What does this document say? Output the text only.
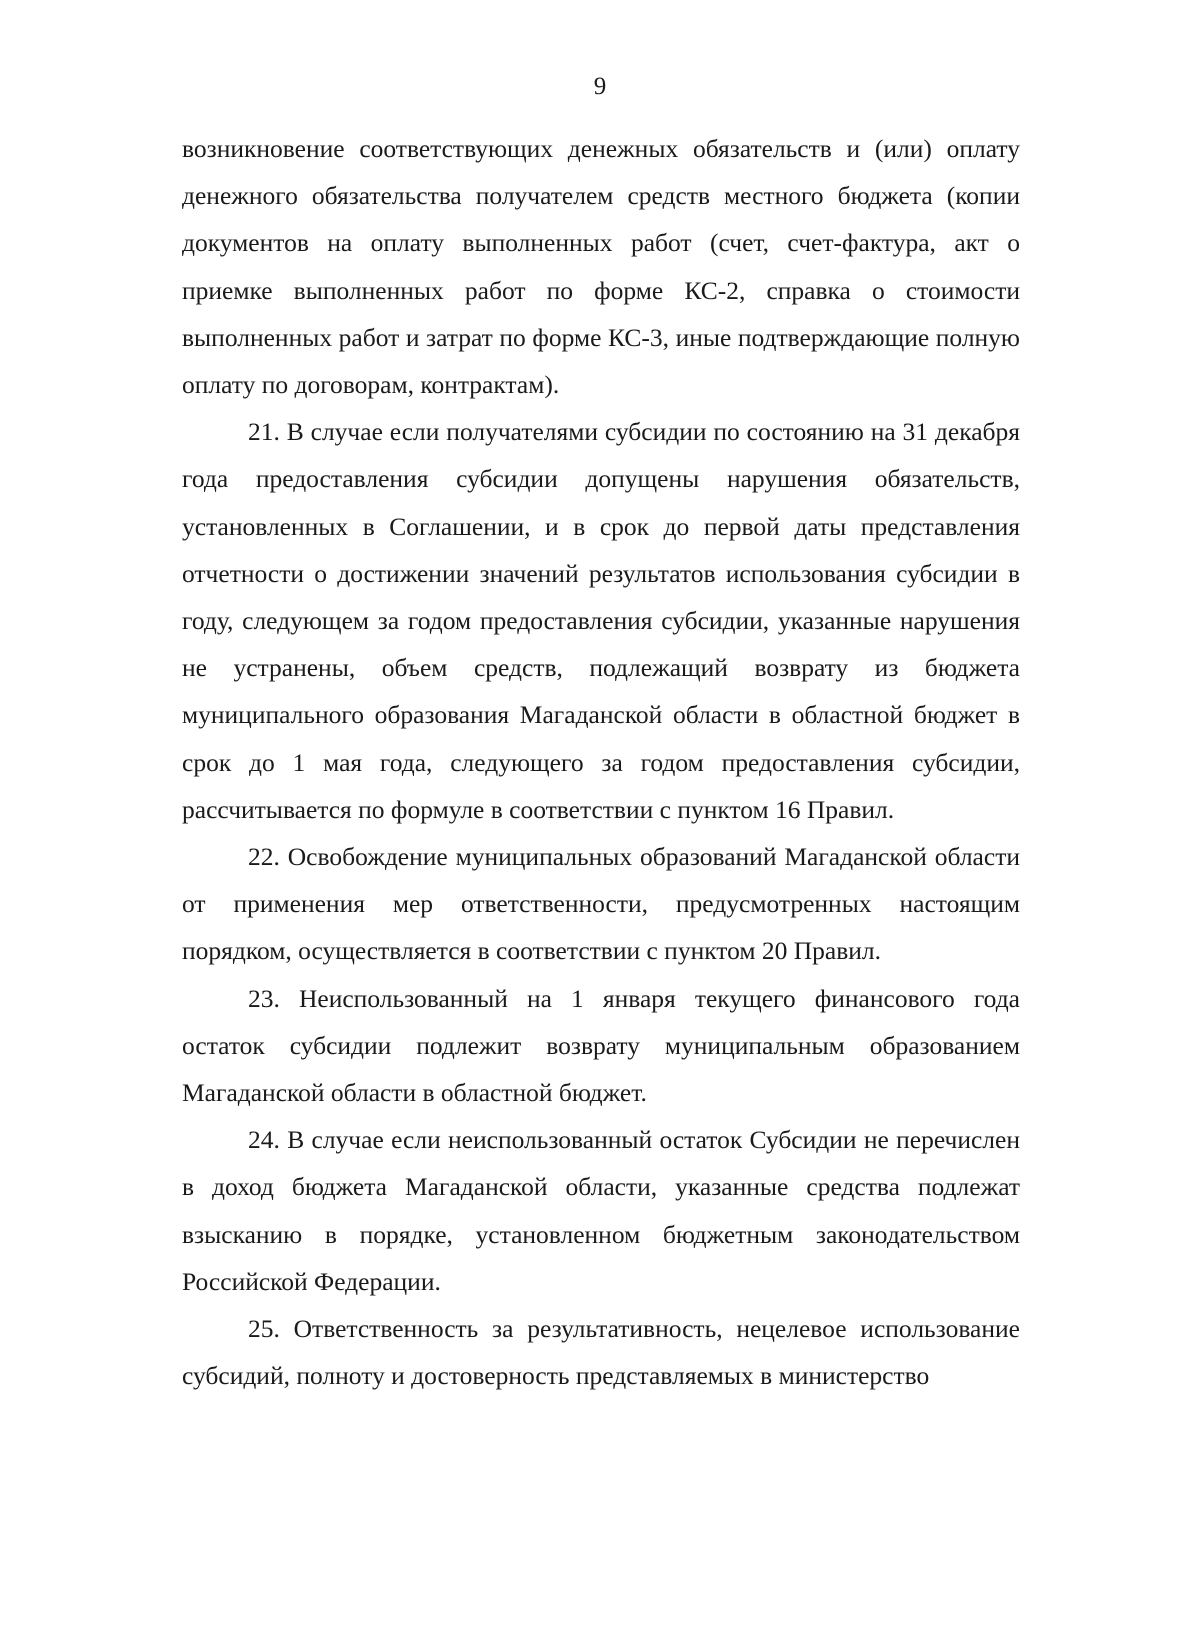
9

возникновение соответствующих денежных обязательств и (или) оплату денежного обязательства получателем средств местного бюджета (копии документов на оплату выполненных работ (счет, счет-фактура, акт о приемке выполненных работ по форме КС-2, справка о стоимости выполненных работ и затрат по форме КС-3, иные подтверждающие полную оплату по договорам, контрактам).

21. В случае если получателями субсидии по состоянию на 31 декабря года предоставления субсидии допущены нарушения обязательств, установленных в Соглашении, и в срок до первой даты представления отчетности о достижении значений результатов использования субсидии в году, следующем за годом предоставления субсидии, указанные нарушения не устранены, объем средств, подлежащий возврату из бюджета муниципального образования Магаданской области в областной бюджет в срок до 1 мая года, следующего за годом предоставления субсидии, рассчитывается по формуле в соответствии с пунктом 16 Правил.

22. Освобождение муниципальных образований Магаданской области от применения мер ответственности, предусмотренных настоящим порядком, осуществляется в соответствии с пунктом 20 Правил.

23. Неиспользованный на 1 января текущего финансового года остаток субсидии подлежит возврату муниципальным образованием Магаданской области в областной бюджет.

24. В случае если неиспользованный остаток Субсидии не перечислен в доход бюджета Магаданской области, указанные средства подлежат взысканию в порядке, установленном бюджетным законодательством Российской Федерации.

25. Ответственность за результативность, нецелевое использование субсидий, полноту и достоверность представляемых в министерство
